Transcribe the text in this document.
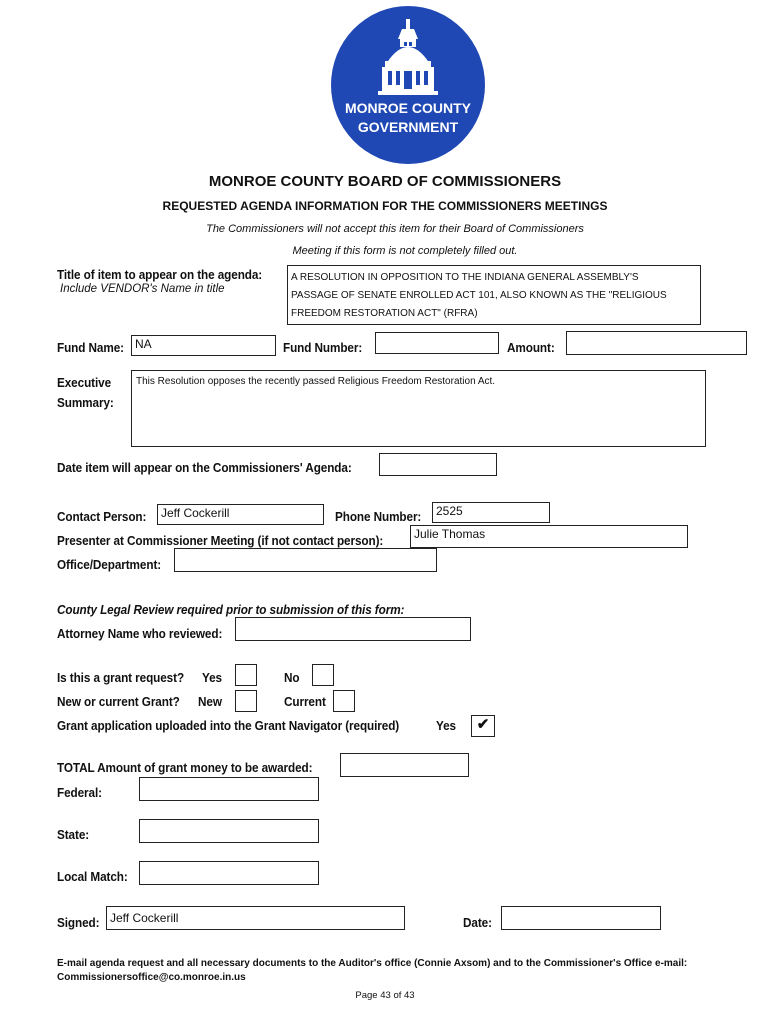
MONROE COUNTY
GOVERNMENT
MONROE COUNTY BOARD OF COMMISSIONERS
REQUESTED AGENDA INFORMATION FOR THE COMMISSIONERS MEETINGS
The Commissioners will not accept this item for their Board of Commissioners
Meeting if this form is not completely filled out.
Title of item to appear on the agenda:
Include VENDOR's Name in title
A RESOLUTION IN OPPOSITION TO THE INDIANA GENERAL ASSEMBLY'S
PASSAGE OF SENATE ENROLLED ACT 101, ALSO KNOWN AS THE "RELIGIOUS
FREEDOM RESTORATION ACT" (RFRA)
Fund Name: NA	Fund Number:	Amount:
Executive
Summary:
This Resolution opposes the recently passed Religious Freedom Restoration Act.
Date item will appear on the Commissioners' Agenda:
Contact Person:	Jeff Cockerill	Phone Number:	2525
Presenter at Commissioner Meeting (if not contact person):	Julie Thomas
Office/Department:
County Legal Review required prior to submission of this form:
Attorney Name who reviewed:
Is this a grant request? Yes	No
New or current Grant? New	Current
Grant application uploaded into the Grant Navigator (required)	Yes	✔
TOTAL Amount of grant money to be awarded:
Federal:
State:
Local Match:
Signed: Jeff Cockerill	Date:
E-mail agenda request and all necessary documents to the Auditor's office (Connie Axsom) and to the Commissioner's Office e-mail:
Commissionersoffice@co.monroe.in.us
Page 43 of 43
